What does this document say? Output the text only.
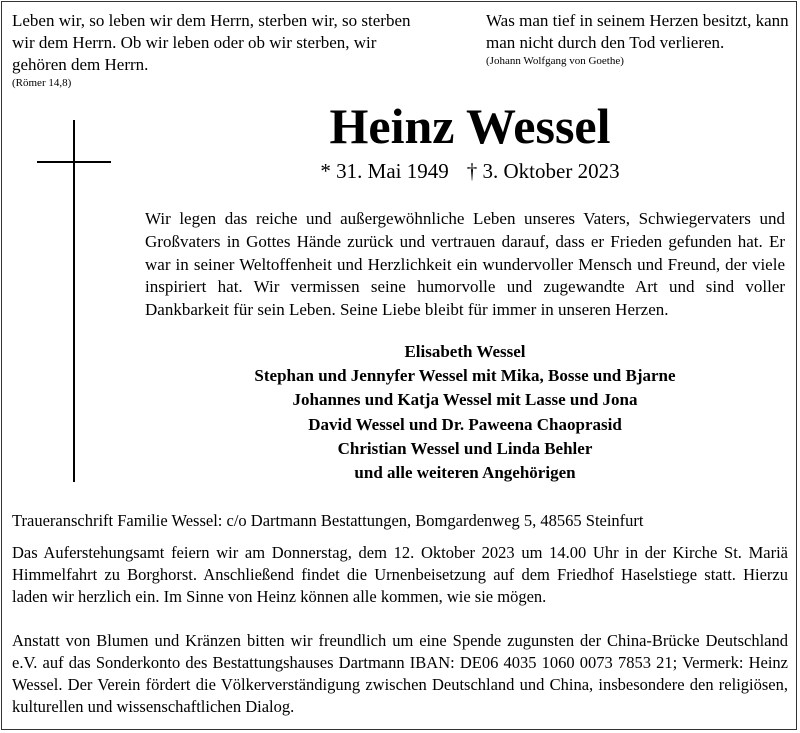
Leben wir, so leben wir dem Herrn, sterben wir, so sterben wir dem Herrn. Ob wir leben oder ob wir sterben, wir gehören dem Herrn.
(Römer 14,8)
Was man tief in seinem Herzen besitzt, kann man nicht durch den Tod verlieren.
(Johann Wolfgang von Goethe)
Heinz Wessel
* 31. Mai 1949 † 3. Oktober 2023
Wir legen das reiche und außergewöhnliche Leben unseres Vaters, Schwiegervaters und Großvaters in Gottes Hände zurück und vertrauen darauf, dass er Frieden gefunden hat. Er war in seiner Weltoffenheit und Herzlichkeit ein wundervoller Mensch und Freund, der viele inspiriert hat. Wir vermissen seine humorvolle und zugewandte Art und sind voller Dankbarkeit für sein Leben. Seine Liebe bleibt für immer in unseren Herzen.
Elisabeth Wessel
Stephan und Jennyfer Wessel mit Mika, Bosse und Bjarne
Johannes und Katja Wessel mit Lasse und Jona
David Wessel und Dr. Paweena Chaoprasid
Christian Wessel und Linda Behler
und alle weiteren Angehörigen
Traueranschrift Familie Wessel: c/o Dartmann Bestattungen, Bomgardenweg 5, 48565 Steinfurt
Das Auferstehungsamt feiern wir am Donnerstag, dem 12. Oktober 2023 um 14.00 Uhr in der Kirche St. Mariä Himmelfahrt zu Borghorst. Anschließend findet die Urnenbeisetzung auf dem Friedhof Haselstiege statt. Hierzu laden wir herzlich ein. Im Sinne von Heinz können alle kommen, wie sie mögen.
Anstatt von Blumen und Kränzen bitten wir freundlich um eine Spende zugunsten der China-Brücke Deutschland e.V. auf das Sonderkonto des Bestattungshauses Dartmann IBAN: DE06 4035 1060 0073 7853 21; Vermerk: Heinz Wessel. Der Verein fördert die Völkerverständigung zwischen Deutschland und China, insbesondere den religiösen, kulturellen und wissenschaftlichen Dialog.
